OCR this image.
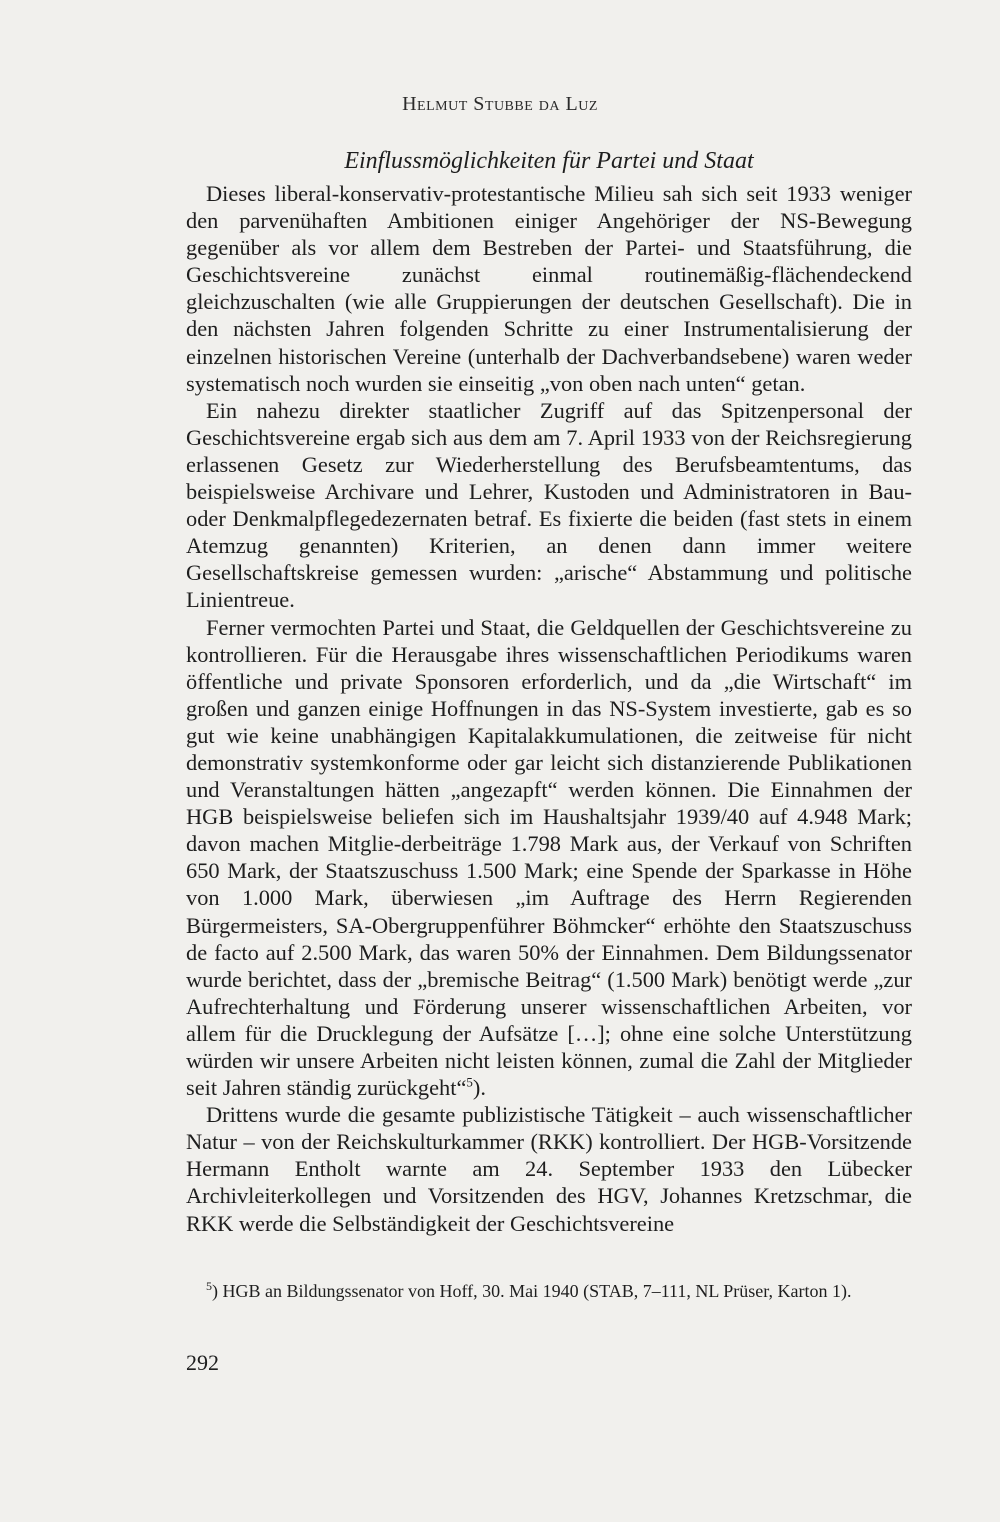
Helmut Stubbe da Luz
Einflussmöglichkeiten für Partei und Staat

Dieses liberal-konservativ-protestantische Milieu sah sich seit 1933 weniger den parvenühaften Ambitionen einiger Angehöriger der NS-Bewegung gegenüber als vor allem dem Bestreben der Partei- und Staatsführung, die Geschichtsvereine zunächst einmal routinemäßig-flächendeckend gleichzuschalten (wie alle Gruppierungen der deutschen Gesellschaft). Die in den nächsten Jahren folgenden Schritte zu einer Instrumentalisierung der einzelnen historischen Vereine (unterhalb der Dachverbandsebene) waren weder systematisch noch wurden sie einseitig „von oben nach unten“ getan.

Ein nahezu direkter staatlicher Zugriff auf das Spitzenpersonal der Geschichtsvereine ergab sich aus dem am 7. April 1933 von der Reichsregierung erlassenen Gesetz zur Wiederherstellung des Berufsbeamtentums, das beispielsweise Archivare und Lehrer, Kustoden und Administratoren in Bau- oder Denkmalpflegedezernaten betraf. Es fixierte die beiden (fast stets in einem Atemzug genannten) Kriterien, an denen dann immer weitere Gesellschaftskreise gemessen wurden: „arische“ Abstammung und politische Linientreue.

Ferner vermochten Partei und Staat, die Geldquellen der Geschichtsvereine zu kontrollieren. Für die Herausgabe ihres wissenschaftlichen Periodikums waren öffentliche und private Sponsoren erforderlich, und da „die Wirtschaft“ im großen und ganzen einige Hoffnungen in das NS-System investierte, gab es so gut wie keine unabhängigen Kapitalakkumulationen, die zeitweise für nicht demonstrativ systemkonforme oder gar leicht sich distanzierende Publikationen und Veranstaltungen hätten „angezapft“ werden können. Die Einnahmen der HGB beispielsweise beliefen sich im Haushaltsjahr 1939/40 auf 4.948 Mark; davon machen Mitglie-derbeiträge 1.798 Mark aus, der Verkauf von Schriften 650 Mark, der Staatszuschuss 1.500 Mark; eine Spende der Sparkasse in Höhe von 1.000 Mark, überwiesen „im Auftrage des Herrn Regierenden Bürgermeisters, SA-Obergruppenführer Böhmcker“ erhöhte den Staatszuschuss de facto auf 2.500 Mark, das waren 50% der Einnahmen. Dem Bildungssenator wurde berichtet, dass der „bremische Beitrag“ (1.500 Mark) benötigt werde „zur Aufrechterhaltung und Förderung unserer wissenschaftlichen Arbeiten, vor allem für die Drucklegung der Aufsätze […]; ohne eine solche Unterstützung würden wir unsere Arbeiten nicht leisten können, zumal die Zahl der Mitglieder seit Jahren ständig zurückgeht“$^5$).

Drittens wurde die gesamte publizistische Tätigkeit – auch wissenschaftlicher Natur – von der Reichskulturkammer (RKK) kontrolliert. Der HGB-Vorsitzende Hermann Entholt warnte am 24. September 1933 den Lübecker Archivleiterkollegen und Vorsitzenden des HGV, Johannes Kretzschmar, die RKK werde die Selbständigkeit der Geschichtsvereine

$^5$) HGB an Bildungssenator von Hoff, 30. Mai 1940 (STAB, 7–111, NL Prüser, Karton 1).
292
